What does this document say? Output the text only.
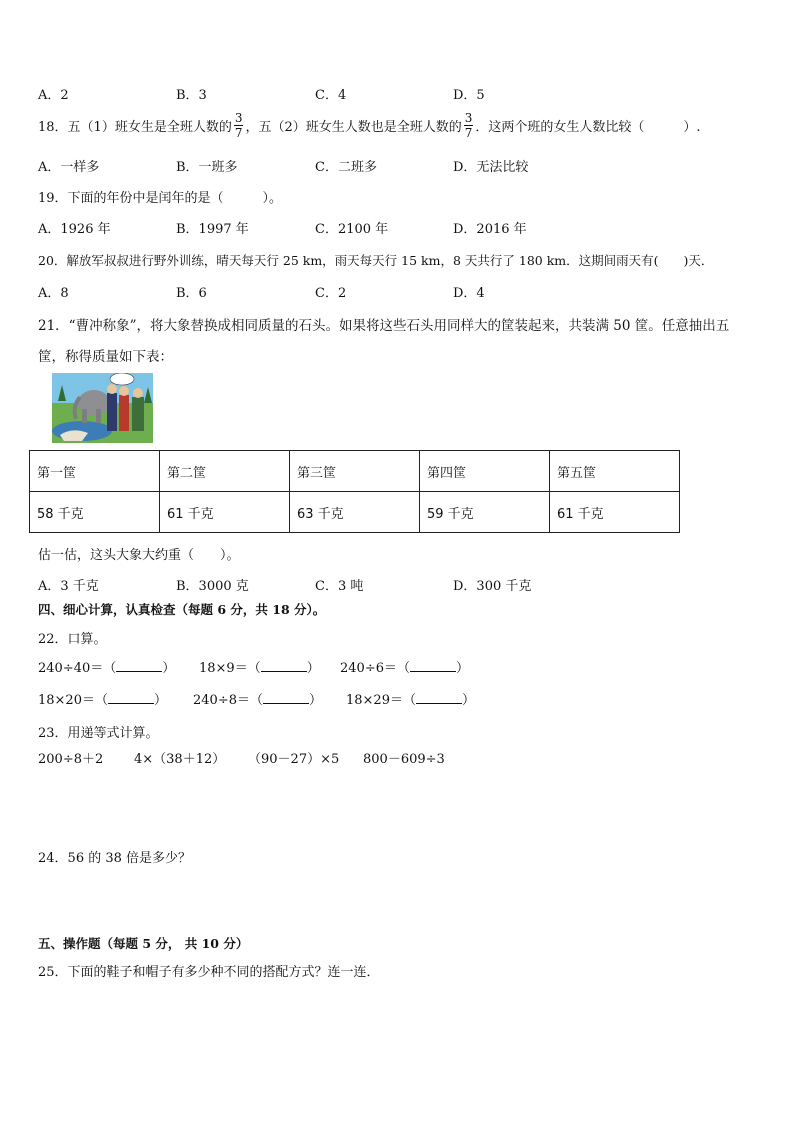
A．2	B．3	C．4	D．5
18．五（1）班女生是全班人数的 $\frac{3}{7}$ ，五（2）班女生人数也是全班人数的 $\frac{3}{7}$ ．这两个班的女生人数比较（　　　）.
A．一样多	B．一班多	C．二班多	D．无法比较
19．下面的年份中是闰年的是（　　　）。
A．1926 年	B．1997 年	C．2100 年	D．2016 年
20．解放军叔叔进行野外训练，晴天每天行 25 km，雨天每天行 15 km，8 天共行了 180 km．这期间雨天有(　　)天．
A．8	B．6	C．2	D．4
21．“曹冲称象”，将大象替换成相同质量的石头。如果将这些石头用同样大的筐装起来，共装满 50 筐。任意抽出五
筐，称得质量如下表：
第一筐	第二筐	第三筐	第四筐	第五筐
58 千克	61 千克	63 千克	59 千克	61 千克
估一估，这头大象大约重（　　）。
A．3 千克	B．3000 克	C．3 吨	D．300 千克
四、细心计算，认真检查（每题 6 分，共 18 分）。
22．口算。
240÷40＝（	） 18×9＝（	） 240÷6＝（	）
18×20＝（	） 240÷8＝（	） 18×29＝（	）
23．用递等式计算。
200÷8＋2 4×（38＋12） （90－27）×5 800－609÷3
24．56 的 38 倍是多少？
五、操作题（每题 5 分， 共 10 分）
25．下面的鞋子和帽子有多少种不同的搭配方式？连一连．
